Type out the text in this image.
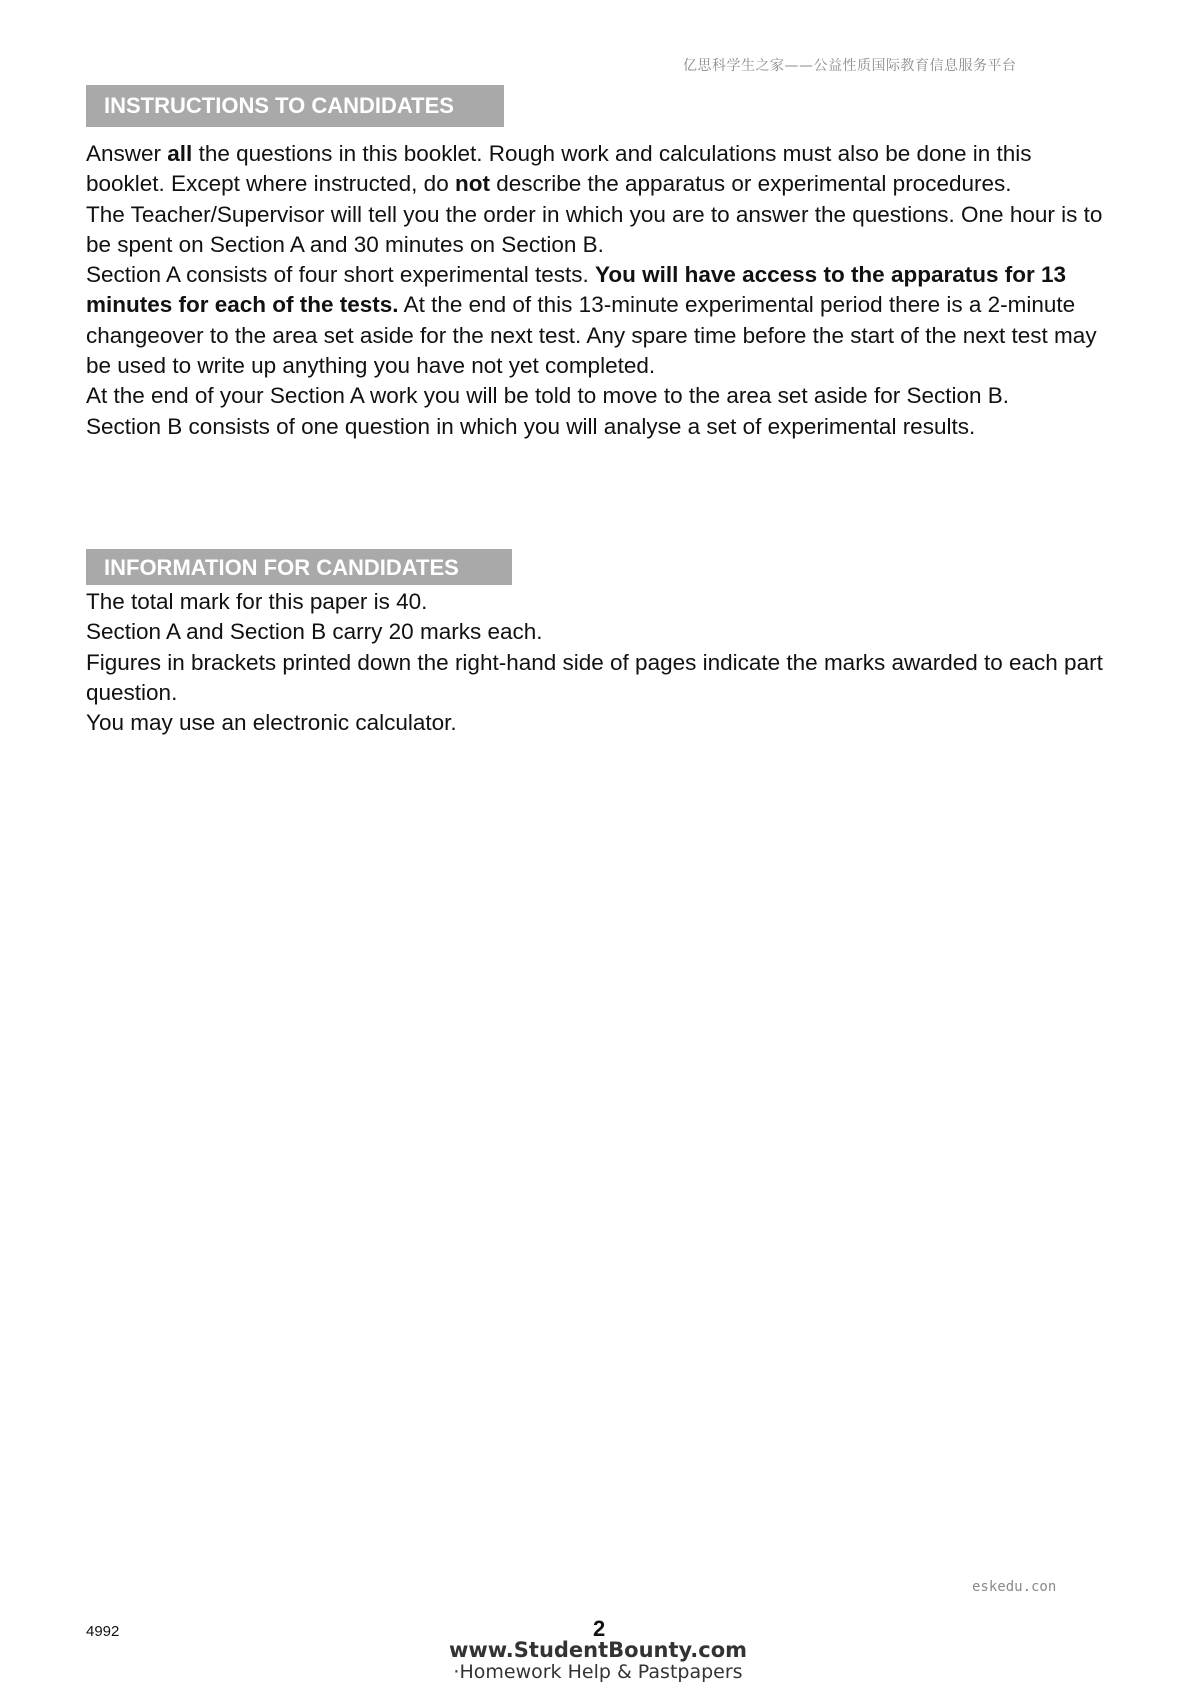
亿思科学生之家——公益性质国际教育信息服务平台
INSTRUCTIONS TO CANDIDATES

Answer all the questions in this booklet. Rough work and calculations must also be done in this booklet. Except where instructed, do not describe the apparatus or experimental procedures.

The Teacher/Supervisor will tell you the order in which you are to answer the questions. One hour is to be spent on Section A and 30 minutes on Section B.

Section A consists of four short experimental tests. You will have access to the apparatus for 13 minutes for each of the tests. At the end of this 13-minute experimental period there is a 2-minute changeover to the area set aside for the next test. Any spare time before the start of the next test may be used to write up anything you have not yet completed.

At the end of your Section A work you will be told to move to the area set aside for Section B.

Section B consists of one question in which you will analyse a set of experimental results.

INFORMATION FOR CANDIDATES

The total mark for this paper is 40.

Section A and Section B carry 20 marks each.

Figures in brackets printed down the right-hand side of pages indicate the marks awarded to each part question.

You may use an electronic calculator.

eskedu.con
4992	2
www.StudentBounty.com
·Homework Help & Pastpapers
